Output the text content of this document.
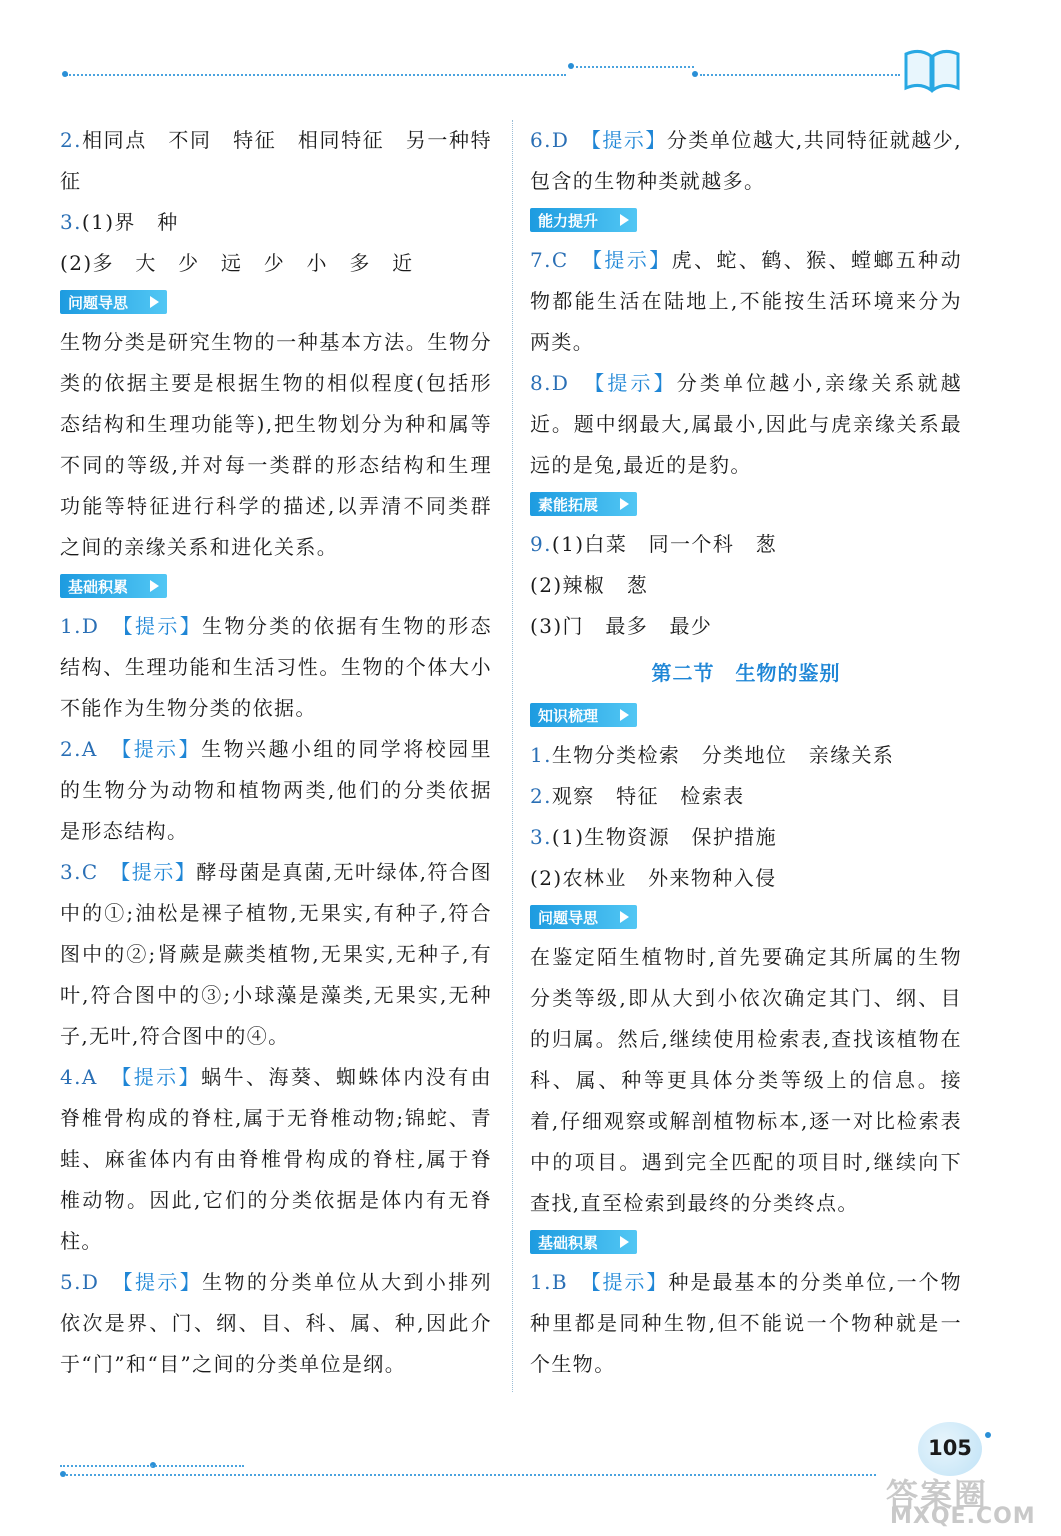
2.相同点　不同　特征　相同特征　另一种特征

3.(1)界　种

(2)多　大　少　远　少　小　多　近

问题导思

生物分类是研究生物的一种基本方法。生物分类的依据主要是根据生物的相似程度(包括形态结构和生理功能等),把生物划分为种和属等不同的等级,并对每一类群的形态结构和生理功能等特征进行科学的描述,以弄清不同类群之间的亲缘关系和进化关系。

基础积累

1.D　 【提示】生物分类的依据有生物的形态结构、生理功能和生活习性。生物的个体大小不能作为生物分类的依据。

2.A　 【提示】生物兴趣小组的同学将校园里的生物分为动物和植物两类,他们的分类依据是形态结构。

3.C　 【提示】酵母菌是真菌,无叶绿体,符合图中的①;油松是裸子植物,无果实,有种子,符合图中的②;肾蕨是蕨类植物,无果实,无种子,有叶,符合图中的③;小球藻是藻类,无果实,无种子,无叶,符合图中的④。

4.A　 【提示】蜗牛、海葵、蜘蛛体内没有由脊椎骨构成的脊柱,属于无脊椎动物;锦蛇、青蛙、麻雀体内有由脊椎骨构成的脊柱,属于脊椎动物。因此,它们的分类依据是体内有无脊柱。

5.D　 【提示】生物的分类单位从大到小排列依次是界、门、纲、目、科、属、种,因此介于“门”和“目”之间的分类单位是纲。

6.D　 【提示】分类单位越大,共同特征就越少,包含的生物种类就越多。

能力提升

7.C　 【提示】虎、蛇、鹤、猴、螳螂五种动物都能生活在陆地上,不能按生活环境来分为两类。

8.D　 【提示】分类单位越小,亲缘关系就越近。题中纲最大,属最小,因此与虎亲缘关系最远的是兔,最近的是豹。

素能拓展

9.(1)白菜　同一个科　葱

(2)辣椒　葱

(3)门　最多　最少

第二节　生物的鉴别
知识梳理

1.生物分类检索　分类地位　亲缘关系

2.观察　特征　检索表

3.(1)生物资源　保护措施

(2)农林业　外来物种入侵

问题导思

在鉴定陌生植物时,首先要确定其所属的生物分类等级,即从大到小依次确定其门、纲、目的归属。然后,继续使用检索表,查找该植物在科、属、种等更具体分类等级上的信息。接着,仔细观察或解剖植物标本,逐一对比检索表中的项目。遇到完全匹配的项目时,继续向下查找,直至检索到最终的分类终点。

基础积累

1.B　 【提示】种是最基本的分类单位,一个物种里都是同种生物,但不能说一个物种就是一个生物。

105
答案圈
MXQE.COM
